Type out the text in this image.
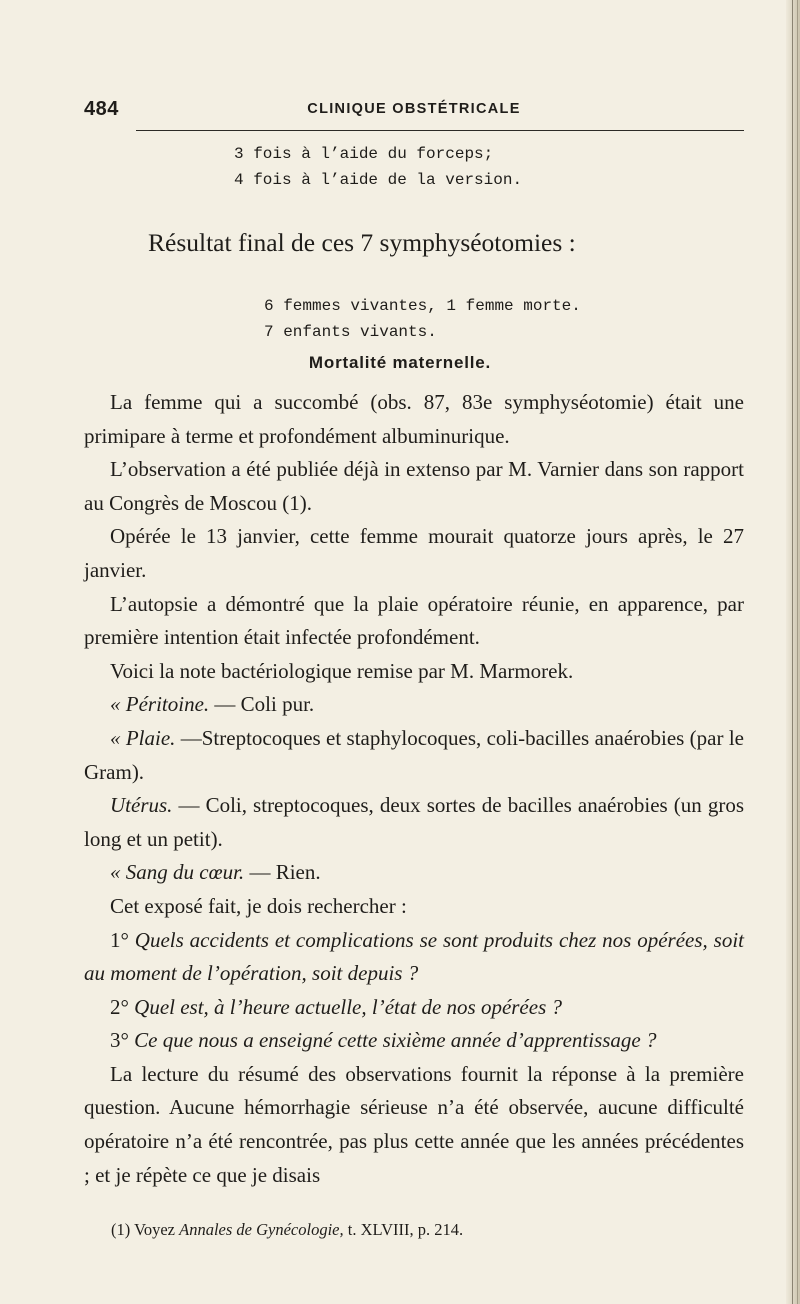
484	CLINIQUE OBSTÉTRICALE
3 fois à l’aide du forceps;
4 fois à l’aide de la version.
Résultat final de ces 7 symphyséotomies :
6 femmes vivantes, 1 femme morte.
7 enfants vivants.
Mortalité maternelle.

La femme qui a succombé (obs. 87, 83e symphyséotomie) était une primipare à terme et profondément albuminurique.

L’observation a été publiée déjà in extenso par M. Varnier dans son rapport au Congrès de Moscou (1).

Opérée le 13 janvier, cette femme mourait quatorze jours après, le 27 janvier.

L’autopsie a démontré que la plaie opératoire réunie, en apparence, par première intention était infectée profondément.

Voici la note bactériologique remise par M. Marmorek.

« Péritoine. — Coli pur.

« Plaie. —Streptocoques et staphylocoques, coli-bacilles anaérobies (par le Gram).

Utérus. — Coli, streptocoques, deux sortes de bacilles anaérobies (un gros long et un petit).

« Sang du cœur. — Rien.

Cet exposé fait, je dois rechercher :

1° Quels accidents et complications se sont produits chez nos opérées, soit au moment de l’opération, soit depuis ?

2° Quel est, à l’heure actuelle, l’état de nos opérées ?

3° Ce que nous a enseigné cette sixième année d’apprentissage ?

La lecture du résumé des observations fournit la réponse à la première question. Aucune hémorrhagie sérieuse n’a été observée, aucune difficulté opératoire n’a été rencontrée, pas plus cette année que les années précédentes ; et je répète ce que je disais

(1) Voyez Annales de Gynécologie, t. XLVIII, p. 214.
